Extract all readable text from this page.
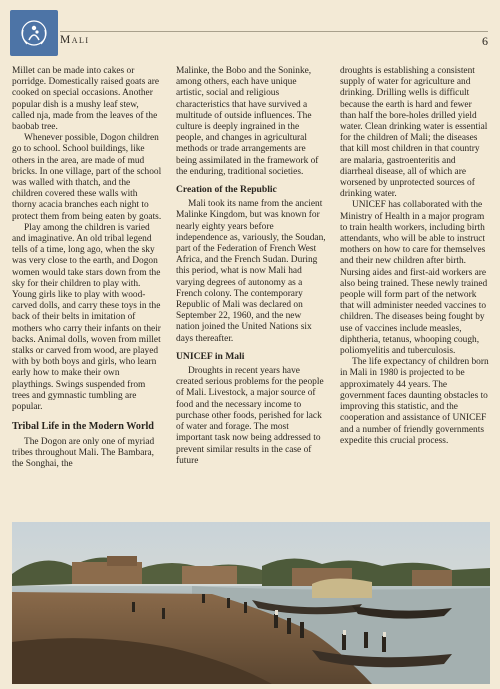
Mali	6

Millet can be made into cakes or porridge. Domestically raised goats are cooked on special occasions. Another popular dish is a mushy leaf stew, called nja, made from the leaves of the baobab tree.

Whenever possible, Dogon children go to school. School buildings, like others in the area, are made of mud bricks. In one village, part of the school was walled with thatch, and the children covered these walls with thorny acacia branches each night to protect them from being eaten by goats.

Play among the children is varied and imaginative. An old tribal legend tells of a time, long ago, when the sky was very close to the earth, and Dogon women would take stars down from the sky for their children to play with. Young girls like to play with wood-carved dolls, and carry these toys in the back of their belts in imitation of mothers who carry their infants on their backs. Animal dolls, woven from millet stalks or carved from wood, are played with by both boys and girls, who learn early how to make their own playthings. Swings suspended from trees and gymnastic tumbling are popular.

Tribal Life in the Modern World

The Dogon are only one of myriad tribes throughout Mali. The Bambara, the Songhai, the

Malinke, the Bobo and the Soninke, among others, each have unique artistic, social and religious characteristics that have survived a multitude of outside influences. The culture is deeply ingrained in the people, and changes in agricultural methods or trade arrangements are being assimilated in the framework of the enduring, traditional societies.

Creation of the Republic

Mali took its name from the ancient Malinke Kingdom, but was known for nearly eighty years before independence as, variously, the Soudan, part of the Federation of French West Africa, and the French Sudan. During this period, what is now Mali had varying degrees of autonomy as a French colony. The contemporary Republic of Mali was declared on September 22, 1960, and the new nation joined the United Nations six days thereafter.

UNICEF in Mali

Droughts in recent years have created serious problems for the people of Mali. Livestock, a major source of food and the necessary income to purchase other foods, perished for lack of water and forage. The most important task now being addressed to prevent similar results in the case of future

droughts is establishing a consistent supply of water for agriculture and drinking. Drilling wells is difficult because the earth is hard and fewer than half the bore-holes drilled yield water. Clean drinking water is essential for the children of Mali; the diseases that kill most children in that country are malaria, gastroenteritis and diarrheal disease, all of which are worsened by unprotected sources of drinking water.

UNICEF has collaborated with the Ministry of Health in a major program to train health workers, including birth attendants, who will be able to instruct mothers on how to care for themselves and their new children after birth. Nursing aides and first-aid workers are also being trained. These newly trained people will form part of the network that will administer needed vaccines to children. The diseases being fought by use of vaccines include measles, diphtheria, tetanus, whooping cough, poliomyelitis and tuberculosis.

The life expectancy of children born in Mali in 1980 is projected to be approximately 44 years. The government faces daunting obstacles to improving this statistic, and the cooperation and assistance of UNICEF and a number of friendly governments expedite this crucial process.
